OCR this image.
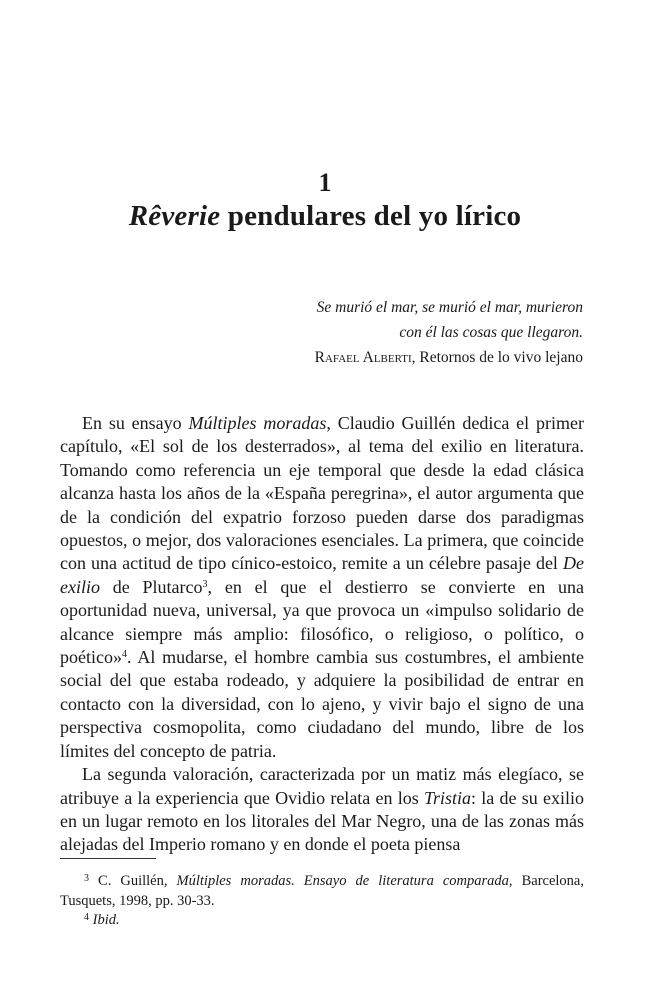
1
Rêverie pendulares del yo lírico
Se murió el mar, se murió el mar, murieron
con él las cosas que llegaron.
Rafael Alberti, Retornos de lo vivo lejano

En su ensayo Múltiples moradas, Claudio Guillén dedica el primer capítulo, «El sol de los desterrados», al tema del exilio en literatura. Tomando como referencia un eje temporal que desde la edad clásica alcanza hasta los años de la «España peregrina», el autor argumenta que de la condición del expatrio forzoso pueden darse dos paradigmas opuestos, o mejor, dos valoraciones esenciales. La primera, que coincide con una actitud de tipo cínico-estoico, remite a un célebre pasaje del De exilio de Plutarco$^3$, en el que el destierro se convierte en una oportunidad nueva, universal, ya que provoca un «impulso solidario de alcance siempre más amplio: filosófico, o religioso, o político, o poético»$^4$. Al mudarse, el hombre cambia sus costumbres, el ambiente social del que estaba rodeado, y adquiere la posibilidad de entrar en contacto con la diversidad, con lo ajeno, y vivir bajo el signo de una perspectiva cosmopolita, como ciudadano del mundo, libre de los límites del concepto de patria.

La segunda valoración, caracterizada por un matiz más elegíaco, se atribuye a la experiencia que Ovidio relata en los Tristia: la de su exilio en un lugar remoto en los litorales del Mar Negro, una de las zonas más alejadas del Imperio romano y en donde el poeta piensa

$^3$ C. Guillén, Múltiples moradas. Ensayo de literatura comparada, Barcelona, Tusquets, 1998, pp. 30-33.

$^4$ Ibid.
